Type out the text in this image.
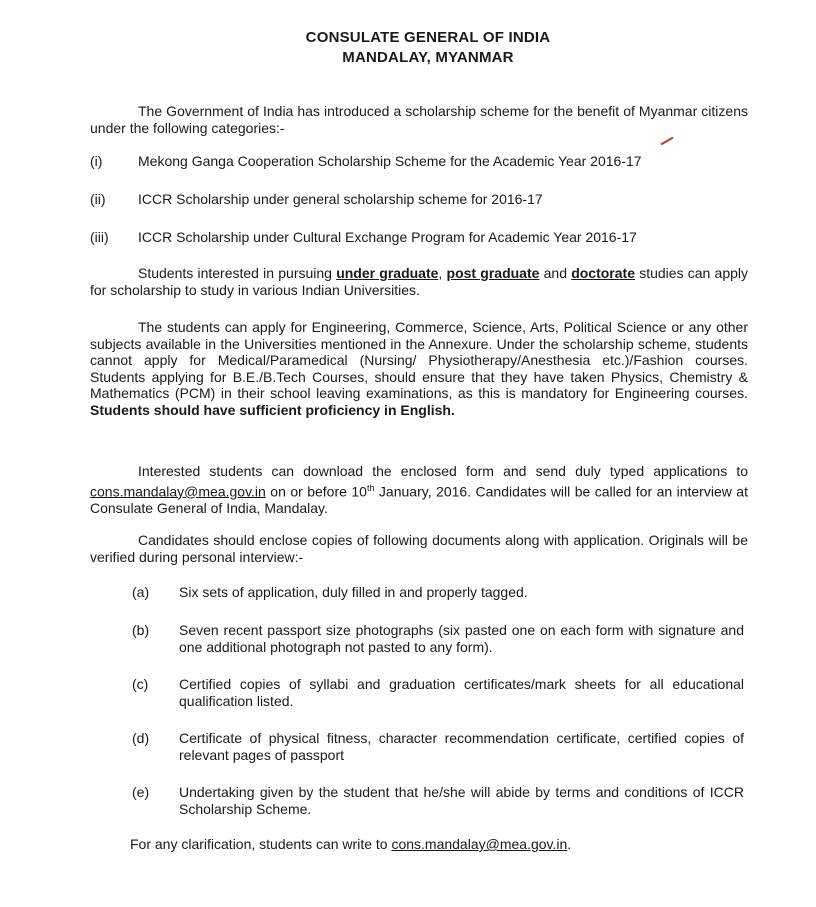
CONSULATE GENERAL OF INDIA
MANDALAY, MYANMAR
The Government of India has introduced a scholarship scheme for the benefit of Myanmar citizens under the following categories:-
(i)	Mekong Ganga Cooperation Scholarship Scheme for the Academic Year 2016-17
(ii)	ICCR Scholarship under general scholarship scheme for 2016-17
(iii)	ICCR Scholarship under Cultural Exchange Program for Academic Year 2016-17
Students interested in pursuing under graduate, post graduate and doctorate studies can apply for scholarship to study in various Indian Universities.
The students can apply for Engineering, Commerce, Science, Arts, Political Science or any other subjects available in the Universities mentioned in the Annexure. Under the scholarship scheme, students cannot apply for Medical/Paramedical (Nursing/ Physiotherapy/Anesthesia etc.)/Fashion courses. Students applying for B.E./B.Tech Courses, should ensure that they have taken Physics, Chemistry & Mathematics (PCM) in their school leaving examinations, as this is mandatory for Engineering courses. Students should have sufficient proficiency in English.
Interested students can download the enclosed form and send duly typed applications to cons.mandalay@mea.gov.in on or before 10th January, 2016. Candidates will be called for an interview at Consulate General of India, Mandalay.
Candidates should enclose copies of following documents along with application. Originals will be verified during personal interview:-
(a) Six sets of application, duly filled in and properly tagged.
(b) Seven recent passport size photographs (six pasted one on each form with signature and one additional photograph not pasted to any form).
(c) Certified copies of syllabi and graduation certificates/mark sheets for all educational qualification listed.
(d) Certificate of physical fitness, character recommendation certificate, certified copies of relevant pages of passport
(e) Undertaking given by the student that he/she will abide by terms and conditions of ICCR Scholarship Scheme.
For any clarification, students can write to cons.mandalay@mea.gov.in.
